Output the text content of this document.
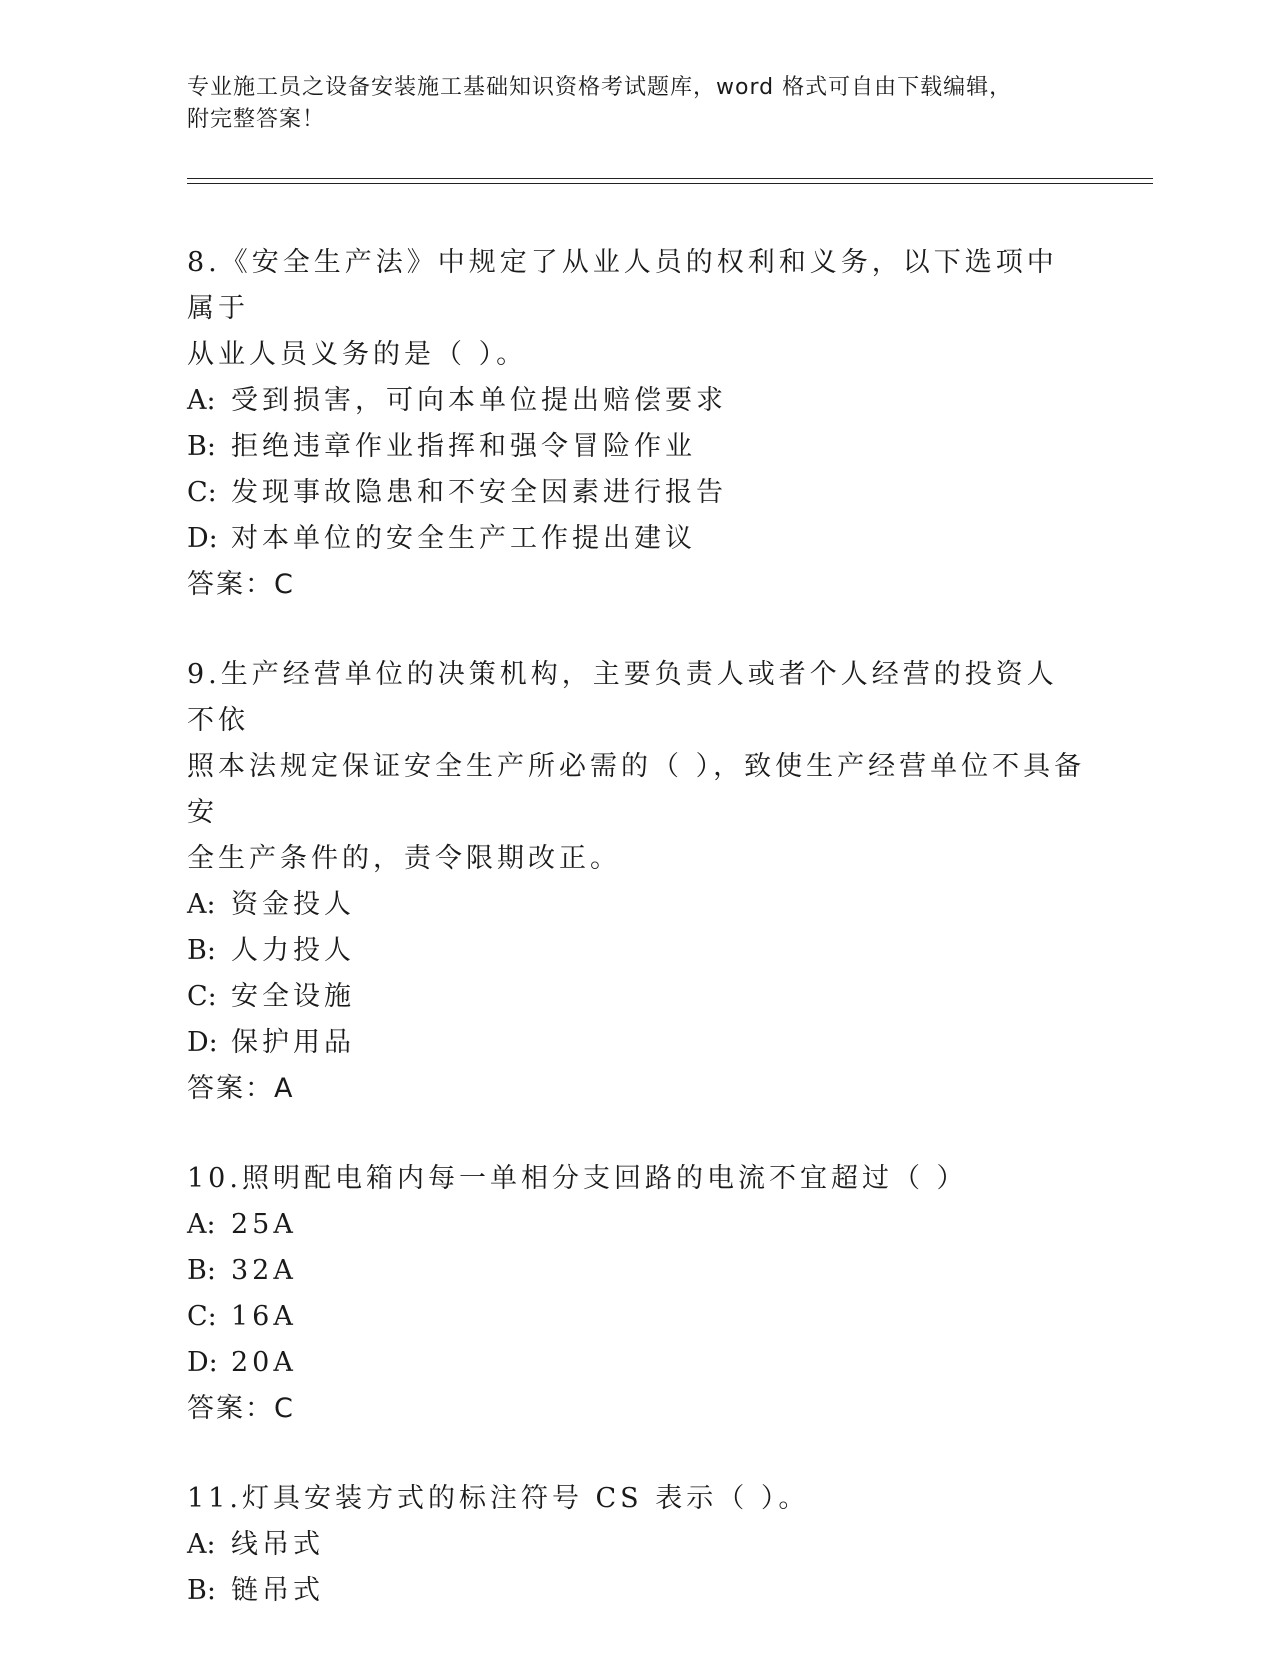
专业施工员之设备安装施工基础知识资格考试题库，word 格式可自由下载编辑，
附完整答案！
8.《安全生产法》中规定了从业人员的权利和义务，以下选项中属于
从业人员义务的是（ ）。
A: 受到损害，可向本单位提出赔偿要求
B: 拒绝违章作业指挥和强令冒险作业
C: 发现事故隐患和不安全因素进行报告
D: 对本单位的安全生产工作提出建议
答案：C
9.生产经营单位的决策机构，主要负责人或者个人经营的投资人不依
照本法规定保证安全生产所必需的（ ），致使生产经营单位不具备安
全生产条件的，责令限期改正。
A: 资金投人
B: 人力投人
C: 安全设施
D: 保护用品
答案：A
10.照明配电箱内每一单相分支回路的电流不宜超过（ ）
A: 25A
B: 32A
C: 16A
D: 20A
答案：C
11.灯具安装方式的标注符号 CS 表示（ ）。
A: 线吊式
B: 链吊式
